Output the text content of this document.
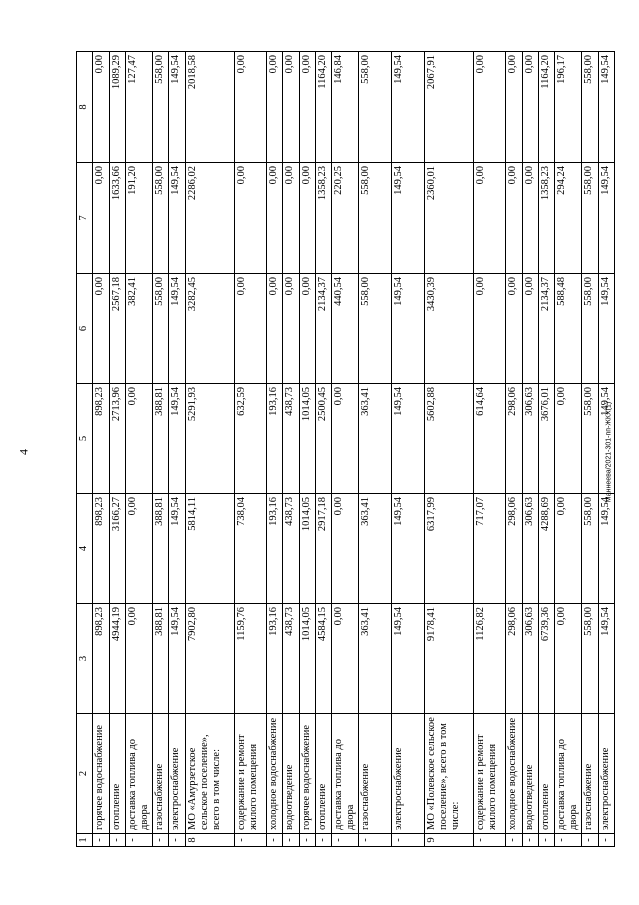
4
1	2	3	4	5	6	7	8
-	горячее водоснабжение	898,23	898,23	898,23	0,00	0,00	0,00
-	отопление	4944,19	3166,27	2713,96	2567,18	1633,66	1089,29
-	доставка топлива до двора	0,00	0,00	0,00	382,41	191,20	127,47
-	газоснабжение	388,81	388,81	388,81	558,00	558,00	558,00
-	электроснабжение	149,54	149,54	149,54	149,54	149,54	149,54
8	МО «Амурзетское сельское поселение», всего в том числе:	7902,80	5814,11	5291,93	3282,45	2286,02	2018,58
-	содержание и ремонт жилого помещения	1159,76	738,04	632,59	0,00	0,00	0,00
-	холодное водоснабжение	193,16	193,16	193,16	0,00	0,00	0,00
-	водоотведение	438,73	438,73	438,73	0,00	0,00	0,00
-	горячее водоснабжение	1014,05	1014,05	1014,05	0,00	0,00	0,00
-	отопление	4584,15	2917,18	2500,45	2134,37	1358,23	1164,20
-	доставка топлива до двора	0,00	0,00	0,00	440,54	220,25	146,84
-	газоснабжение	363,41	363,41	363,41	558,00	558,00	558,00
-	электроснабжение	149,54	149,54	149,54	149,54	149,54	149,54
9	МО «Полевское сельское поселение», всего в том числе:	9178,41	6317,99	5602,88	3430,39	2360,01	2067,91
-	содержание и ремонт жилого помещения	1126,82	717,07	614,64	0,00	0,00	0,00
-	холодное водоснабжение	298,06	298,06	298,06	0,00	0,00	0,00
-	водоотведение	306,63	306,63	306,63	0,00	0,00	0,00
-	отопление	6739,36	4288,69	3676,01	2134,37	1358,23	1164,20
-	доставка топлива до двора	0,00	0,00	0,00	588,48	294,24	196,17
-	газоснабжение	558,00	558,00	558,00	558,00	558,00	558,00
-	электроснабжение	149,54	149,54	149,54	149,54	149,54	149,54
Маннеева/2021-301-пп-ЖКХ(1)
